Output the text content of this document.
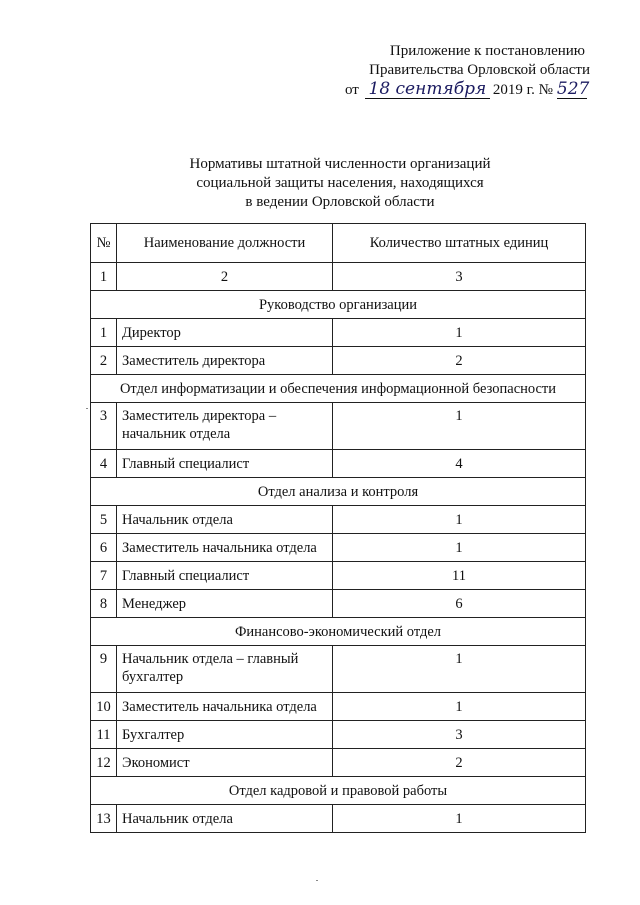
Приложение к постановлению
Правительства Орловской области
от 18 сентября 2019 г. № 527
Нормативы штатной численности организаций
социальной защиты населения, находящихся
в ведении Орловской области
№	Наименование должности	Количество штатных единиц
1	2	3
Руководство организации		
1	Директор	1
2	Заместитель директора	2
Отдел информатизации и обеспечения информационной безопасности		
3	Заместитель директора –
начальник отдела	1
4	Главный специалист	4
Отдел анализа и контроля		
5	Начальник отдела	1
6	Заместитель начальника отдела	1
7	Главный специалист	11
8	Менеджер	6
Финансово-экономический отдел		
9	Начальник отдела – главный
бухгалтер	1
10	Заместитель начальника отдела	1
11	Бухгалтер	3
12	Экономист	2
Отдел кадровой и правовой работы		
13	Начальник отдела	1
